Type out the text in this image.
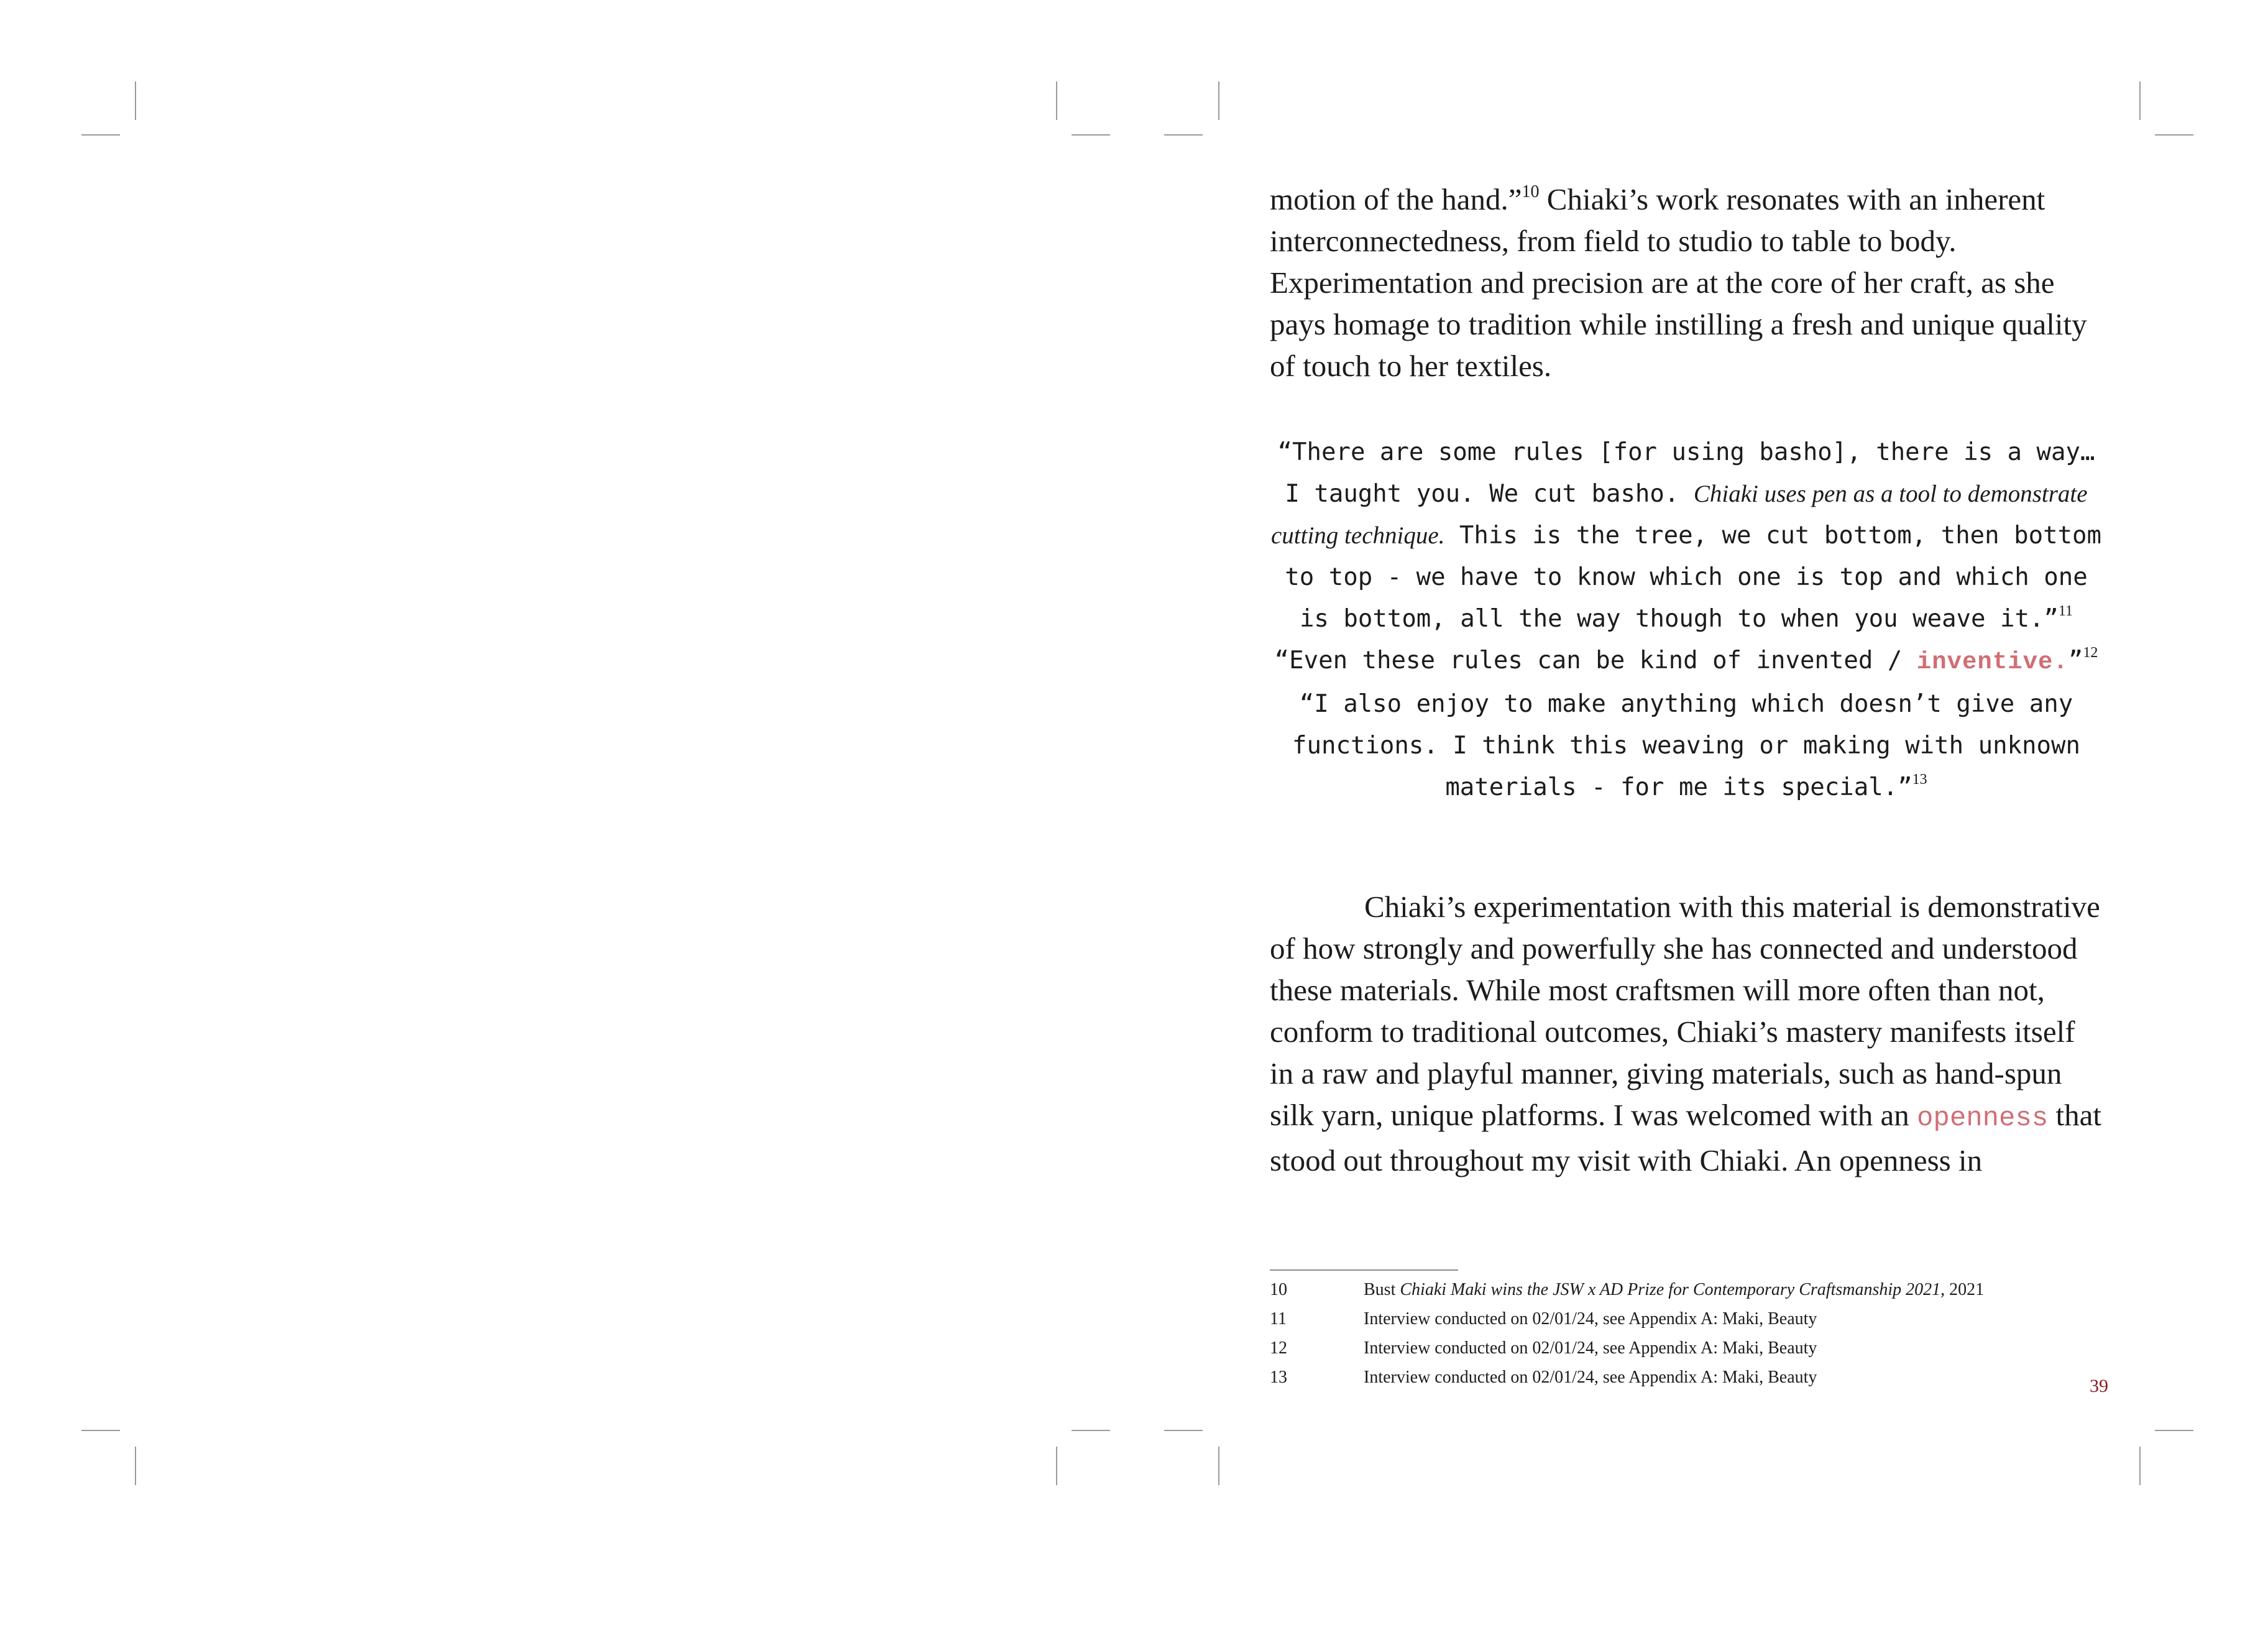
motion of the hand.”$^{10}$ Chiaki’s work resonates with an inherent interconnectedness, from field to studio to table to body. Experimentation and precision are at the core of her craft, as she pays homage to tradition while instilling a fresh and unique quality of touch to her textiles.

“There are some rules [for using basho], there is a way… I taught you. We cut basho. Chiaki uses pen as a tool to demonstrate cutting technique. This is the tree, we cut bottom, then bottom to top - we have to know which one is top and which one is bottom, all the way though to when you weave it.”$^{11}$

“Even these rules can be kind of invented / inventive.”$^{12}$

“I also enjoy to make anything which doesn’t give any functions. I think this weaving or making with unknown materials - for me its special.”$^{13}$

Chiaki’s experimentation with this material is demonstrative of how strongly and powerfully she has connected and understood these materials. While most craftsmen will more often than not, conform to traditional outcomes, Chiaki’s mastery manifests itself in a raw and playful manner, giving materials, such as hand-spun silk yarn, unique platforms. I was welcomed with an openness that stood out throughout my visit with Chiaki. An openness in

10	Bust Chiaki Maki wins the JSW x AD Prize for Contemporary Craftsmanship 2021, 2021
11	Interview conducted on 02/01/24, see Appendix A: Maki, Beauty
12	Interview conducted on 02/01/24, see Appendix A: Maki, Beauty
13	Interview conducted on 02/01/24, see Appendix A: Maki, Beauty	39
